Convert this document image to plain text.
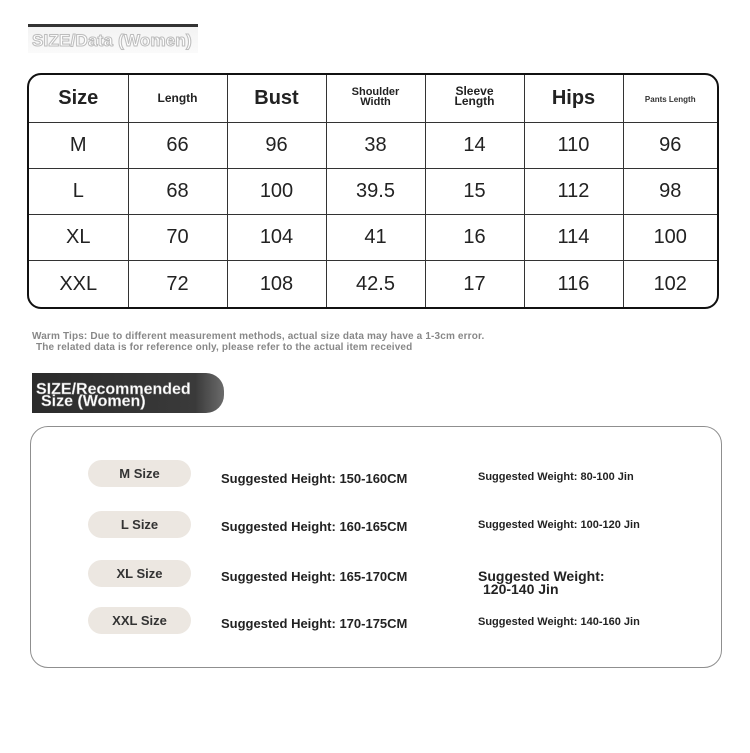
SIZE/Data (Women)
Size	Length	Bust	Shoulder Width	Sleeve Length	Hips	Pants Length

M	66	96	38	14	110	96
L	68	100	39.5	15	112	98
XL	70	104	41	16	114	100
XXL	72	108	42.5	17	116	102
Warm Tips: Due to different measurement methods, actual size data may have a 1-3cm error.
The related data is for reference only, please refer to the actual item received
SIZE/Recommended
Size (Women)
M Size	Suggested Height: 150-160CM	Suggested Weight: 80-100 Jin
L Size	Suggested Height: 160-165CM	Suggested Weight: 100-120 Jin
XL Size	Suggested Height: 165-170CM	Suggested Weight:
120-140 Jin
XXL Size	Suggested Height: 170-175CM	Suggested Weight: 140-160 Jin
